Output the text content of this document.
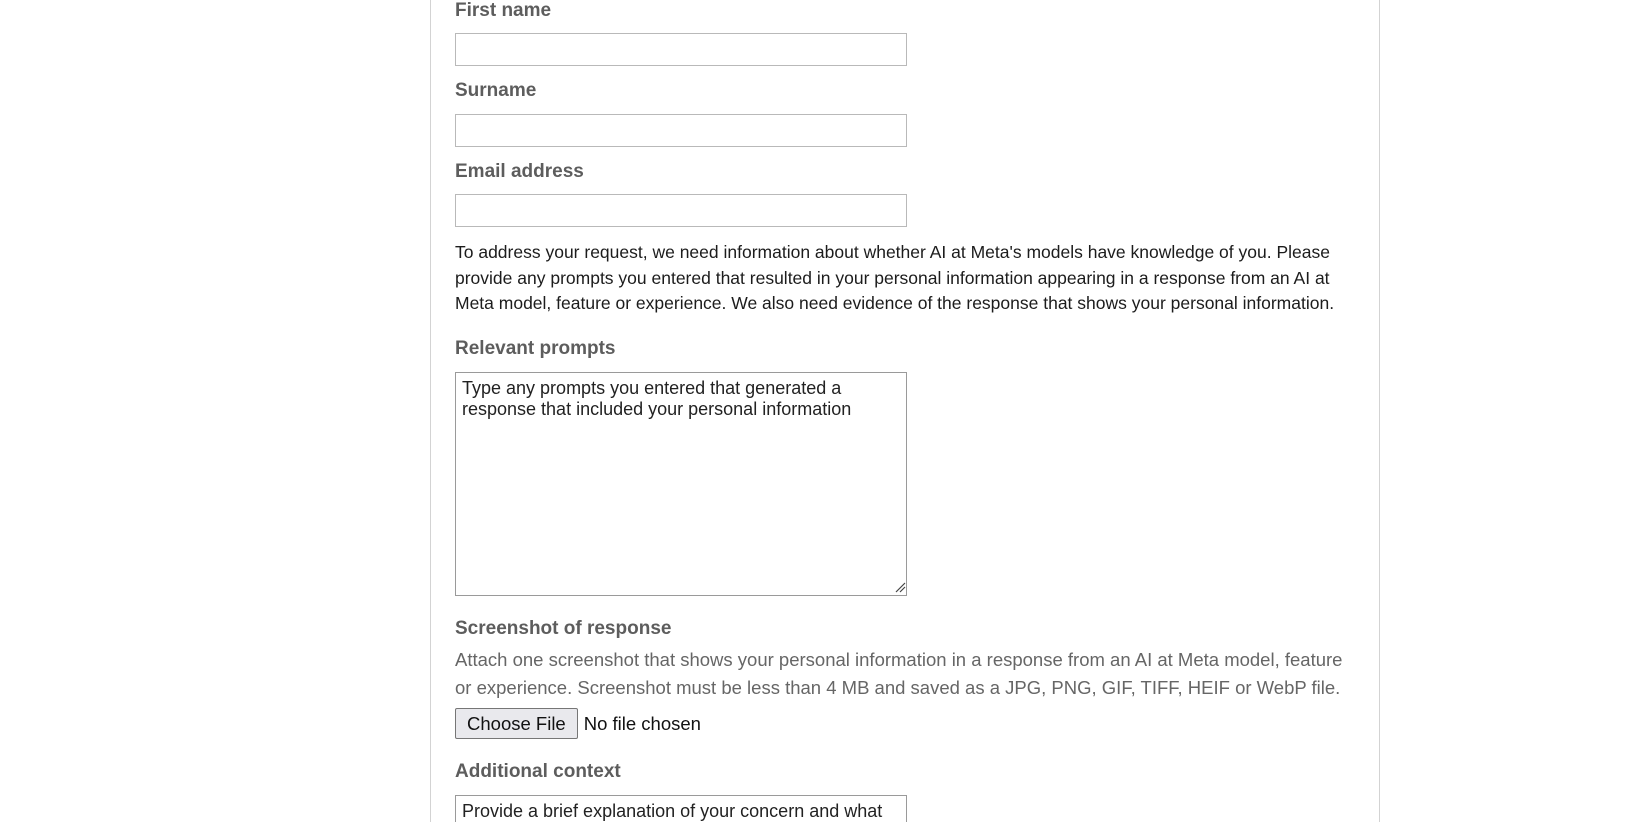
First name
Surname
Email address

To address your request, we need information about whether AI at Meta's models have knowledge of you. Please provide any prompts you entered that resulted in your personal information appearing in a response from an AI at Meta model, feature or experience. We also need evidence of the response that shows your personal information.

Relevant prompts
Type any prompts you entered that generated a response that included your personal information
Screenshot of response

Attach one screenshot that shows your personal information in a response from an AI at Meta model, feature or experience. Screenshot must be less than 4 MB and saved as a JPG, PNG, GIF, TIFF, HEIF or WebP file.

Choose File No file chosen
Additional context
Provide a brief explanation of your concern and what
